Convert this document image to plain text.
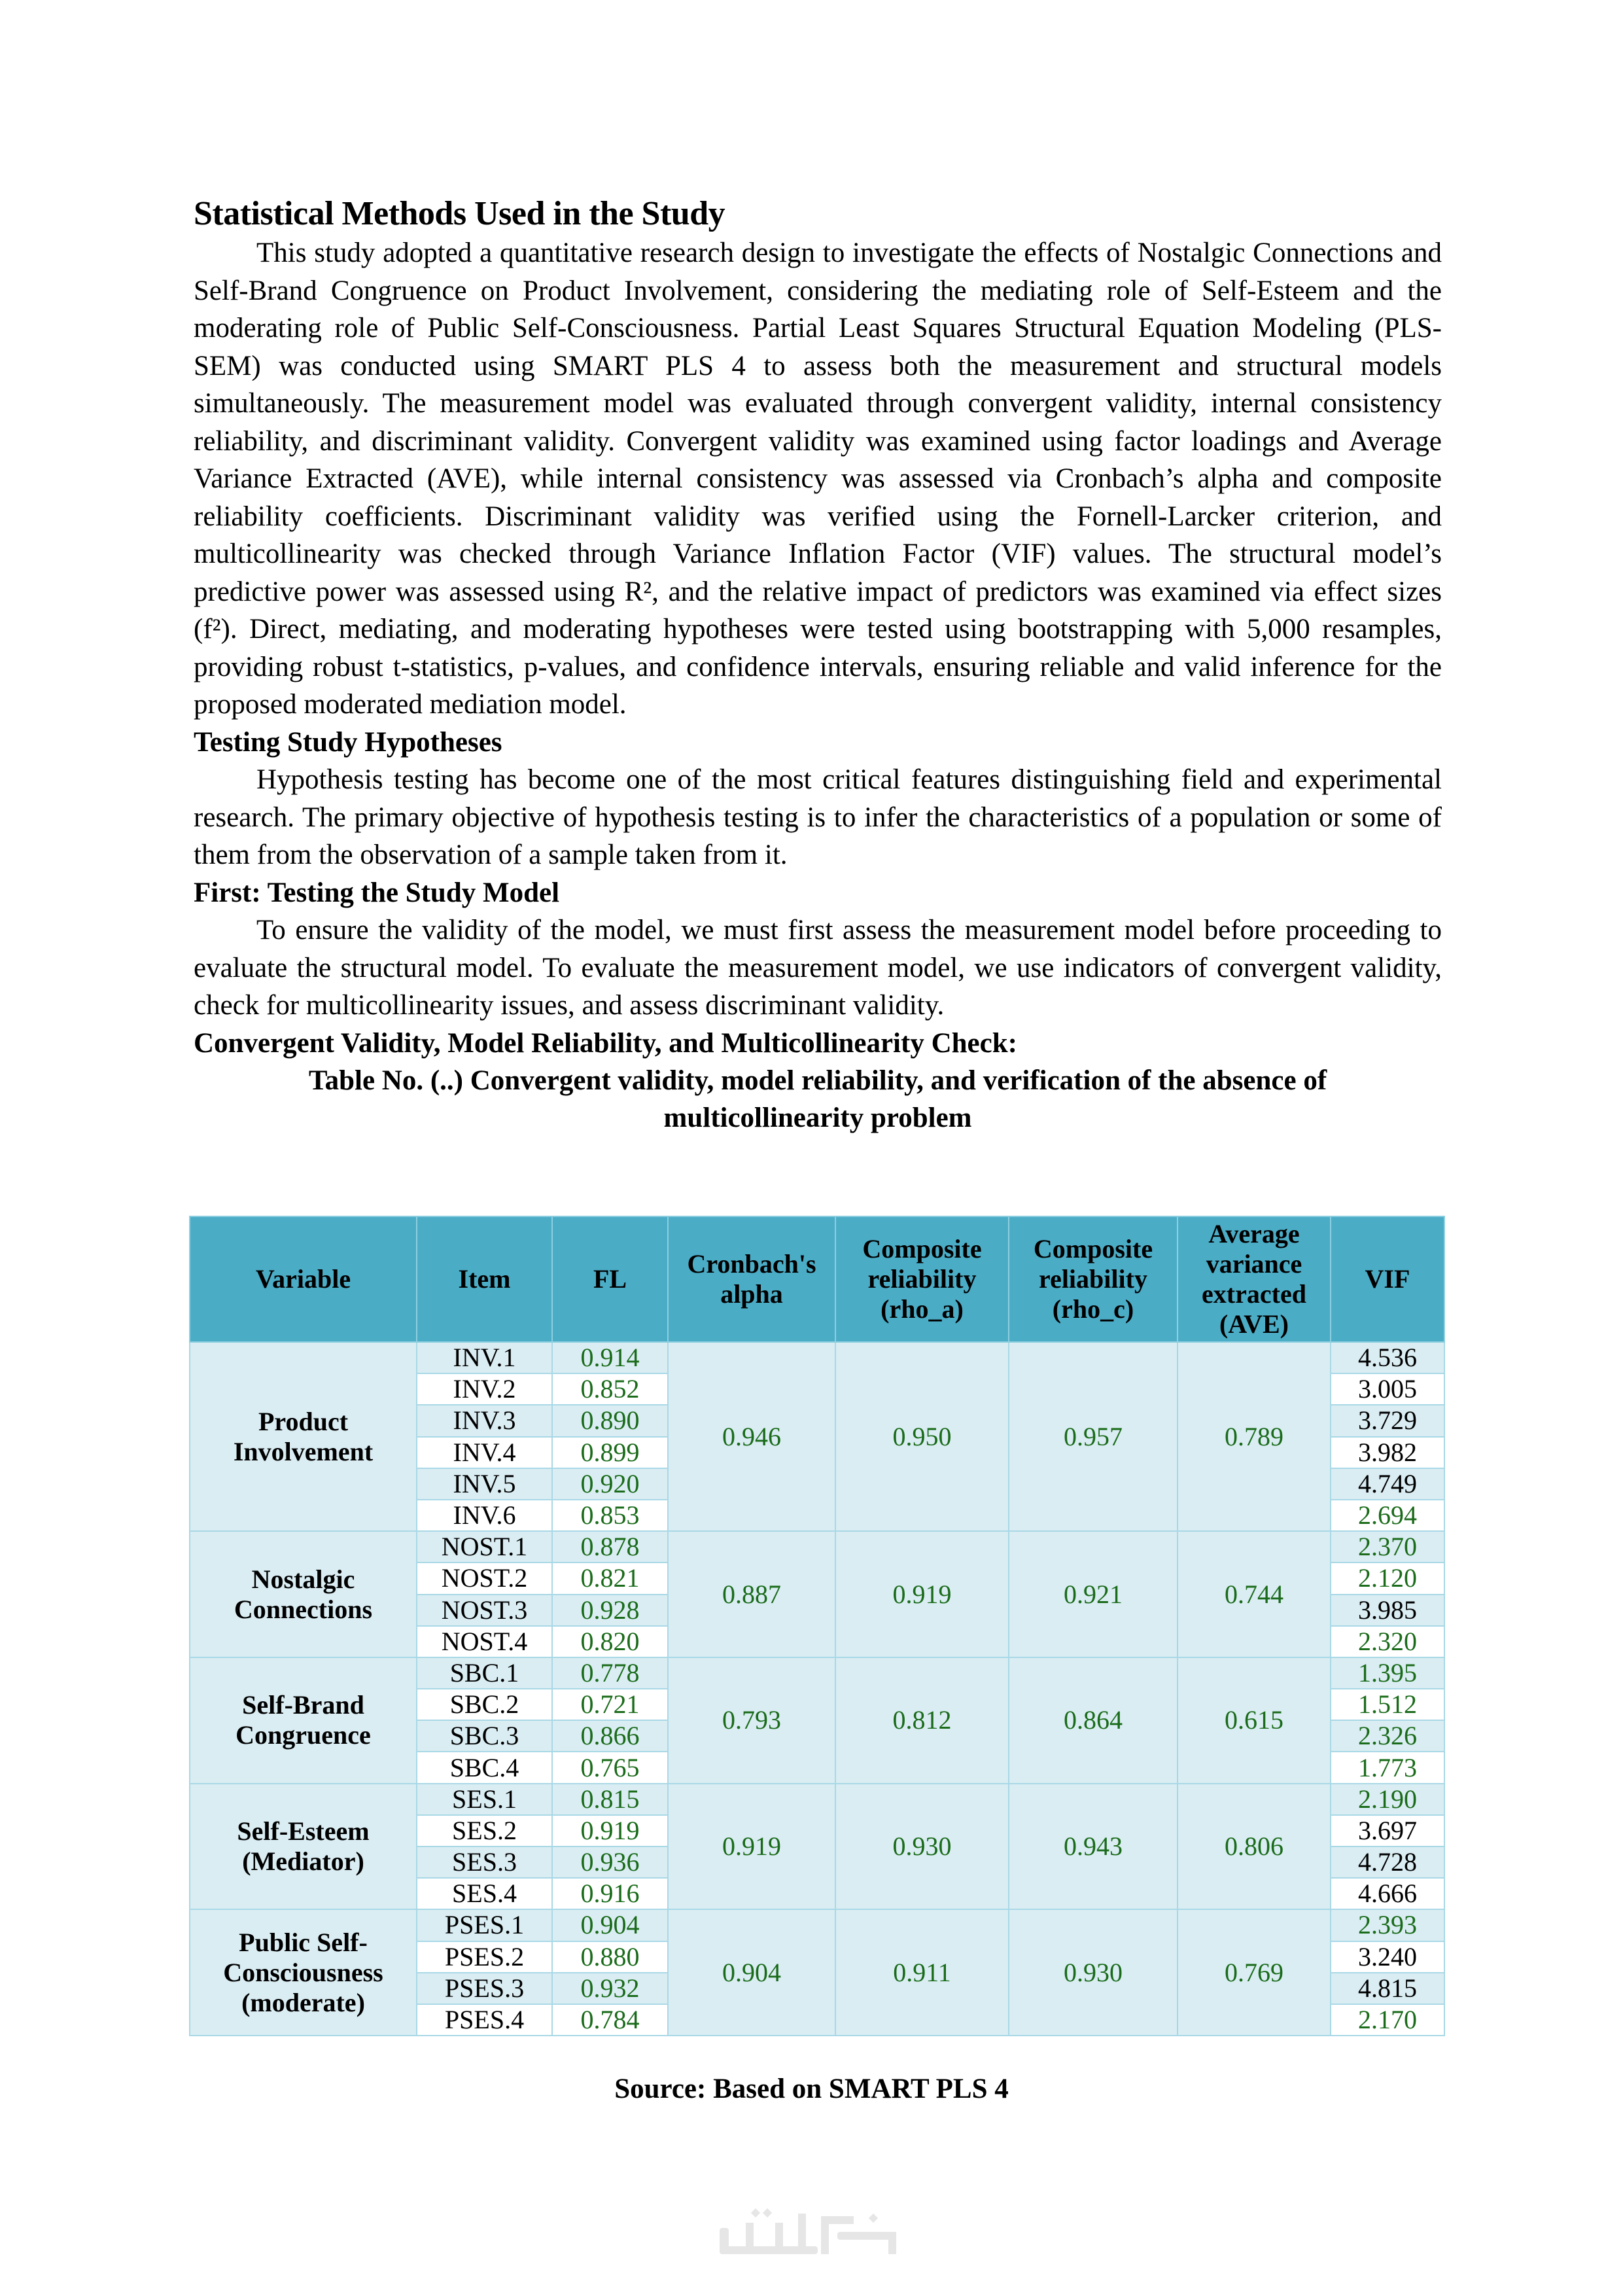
Statistical Methods Used in the Study

This study adopted a quantitative research design to investigate the effects of Nostalgic Connections and Self-Brand Congruence on Product Involvement, considering the mediating role of Self-Esteem and the moderating role of Public Self-Consciousness. Partial Least Squares Structural Equation Modeling (PLS-SEM) was conducted using SMART PLS 4 to assess both the measurement and structural models simultaneously. The measurement model was evaluated through convergent validity, internal consistency reliability, and discriminant validity. Convergent validity was examined using factor loadings and Average Variance Extracted (AVE), while internal consistency was assessed via Cronbach’s alpha and composite reliability coefficients. Discriminant validity was verified using the Fornell-Larcker criterion, and multicollinearity was checked through Variance Inflation Factor (VIF) values. The structural model’s predictive power was assessed using R², and the relative impact of predictors was examined via effect sizes (f²). Direct, mediating, and moderating hypotheses were tested using bootstrapping with 5,000 resamples, providing robust t-statistics, p-values, and confidence intervals, ensuring reliable and valid inference for the proposed moderated mediation model.

Testing Study Hypotheses

Hypothesis testing has become one of the most critical features distinguishing field and experimental research. The primary objective of hypothesis testing is to infer the characteristics of a population or some of them from the observation of a sample taken from it.

First: Testing the Study Model

To ensure the validity of the model, we must first assess the measurement model before proceeding to evaluate the structural model. To evaluate the measurement model, we use indicators of convergent validity, check for multicollinearity issues, and assess discriminant validity.

Convergent Validity, Model Reliability, and Multicollinearity Check:

Table No. (..) Convergent validity, model reliability, and verification of the absence of
multicollinearity problem

Variable	Item	FL	Cronbach's
alpha	Composite
reliability
(rho_a)	Composite
reliability
(rho_c)	Average
variance
extracted
(AVE)	VIF
Product
Involvement	INV.1	0.914	0.946	0.950	0.957	0.789	4.536
	INV.2	0.852					3.005
	INV.3	0.890					3.729
	INV.4	0.899					3.982
	INV.5	0.920					4.749
	INV.6	0.853					2.694
Nostalgic
Connections	NOST.1	0.878	0.887	0.919	0.921	0.744	2.370
	NOST.2	0.821					2.120
	NOST.3	0.928					3.985
	NOST.4	0.820					2.320
Self-Brand
Congruence	SBC.1	0.778	0.793	0.812	0.864	0.615	1.395
	SBC.2	0.721					1.512
	SBC.3	0.866					2.326
	SBC.4	0.765					1.773
Self-Esteem
(Mediator)	SES.1	0.815	0.919	0.930	0.943	0.806	2.190
	SES.2	0.919					3.697
	SES.3	0.936					4.728
	SES.4	0.916					4.666
Public Self-
Consciousness
(moderate)	PSES.1	0.904	0.904	0.911	0.930	0.769	2.393
	PSES.2	0.880					3.240
	PSES.3	0.932					4.815
	PSES.4	0.784					2.170
Source: Based on SMART PLS 4
